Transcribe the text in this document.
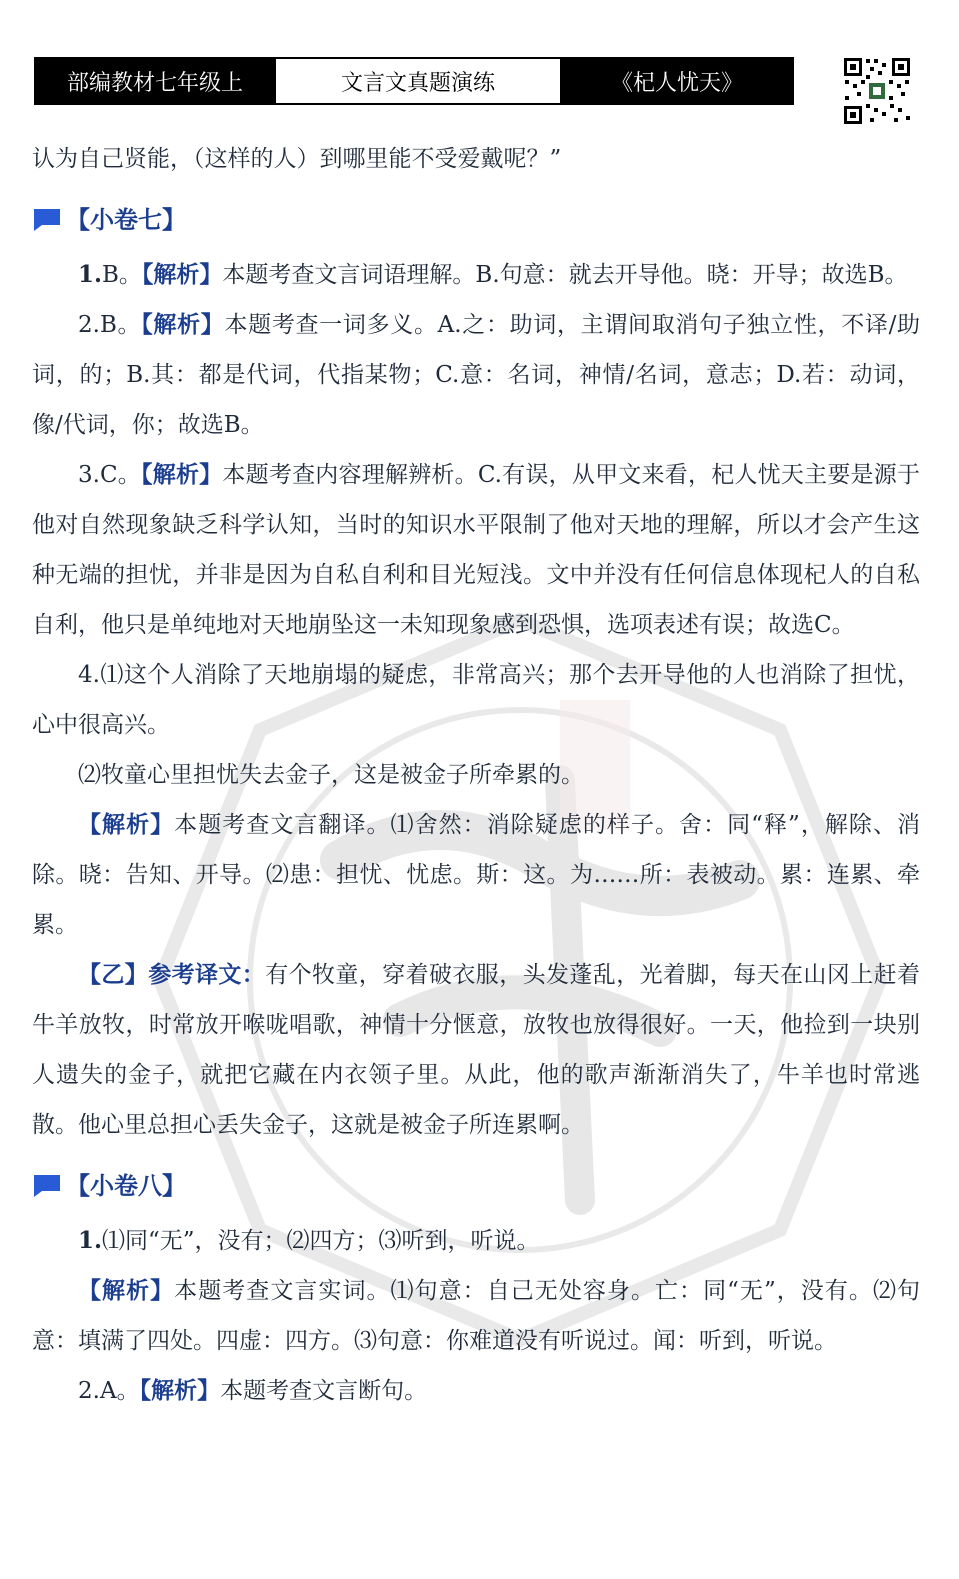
部编教材七年级上	文言文真题演练	《杞人忧天》

认为自己贤能，（这样的人）到哪里能不受爱戴呢？”

【小卷七】

1.B。【解析】本题考查文言词语理解。B.句意：就去开导他。晓：开导；故选B。

2.B。【解析】本题考查一词多义。A.之：助词，主谓间取消句子独立性，不译/助词，的；B.其：都是代词，代指某物；C.意：名词，神情/名词，意志；D.若：动词，像/代词，你；故选B。

3.C。【解析】本题考查内容理解辨析。C.有误，从甲文来看，杞人忧天主要是源于他对自然现象缺乏科学认知，当时的知识水平限制了他对天地的理解，所以才会产生这种无端的担忧，并非是因为自私自利和目光短浅。文中并没有任何信息体现杞人的自私自利，他只是单纯地对天地崩坠这一未知现象感到恐惧，选项表述有误；故选C。

4.⑴这个人消除了天地崩塌的疑虑，非常高兴；那个去开导他的人也消除了担忧，心中很高兴。

⑵牧童心里担忧失去金子，这是被金子所牵累的。

【解析】本题考查文言翻译。⑴舍然：消除疑虑的样子。舍：同“释”，解除、消除。晓：告知、开导。⑵患：担忧、忧虑。斯：这。为……所：表被动。累：连累、牵累。

【乙】参考译文：有个牧童，穿着破衣服，头发蓬乱，光着脚，每天在山冈上赶着牛羊放牧，时常放开喉咙唱歌，神情十分惬意，放牧也放得很好。一天，他捡到一块别人遗失的金子，就把它藏在内衣领子里。从此，他的歌声渐渐消失了，牛羊也时常逃散。他心里总担心丢失金子，这就是被金子所连累啊。

【小卷八】

1.⑴同“无”，没有；⑵四方；⑶听到，听说。

【解析】本题考查文言实词。⑴句意：自己无处容身。亡：同“无”，没有。⑵句意：填满了四处。四虚：四方。⑶句意：你难道没有听说过。闻：听到，听说。

2.A。【解析】本题考查文言断句。
